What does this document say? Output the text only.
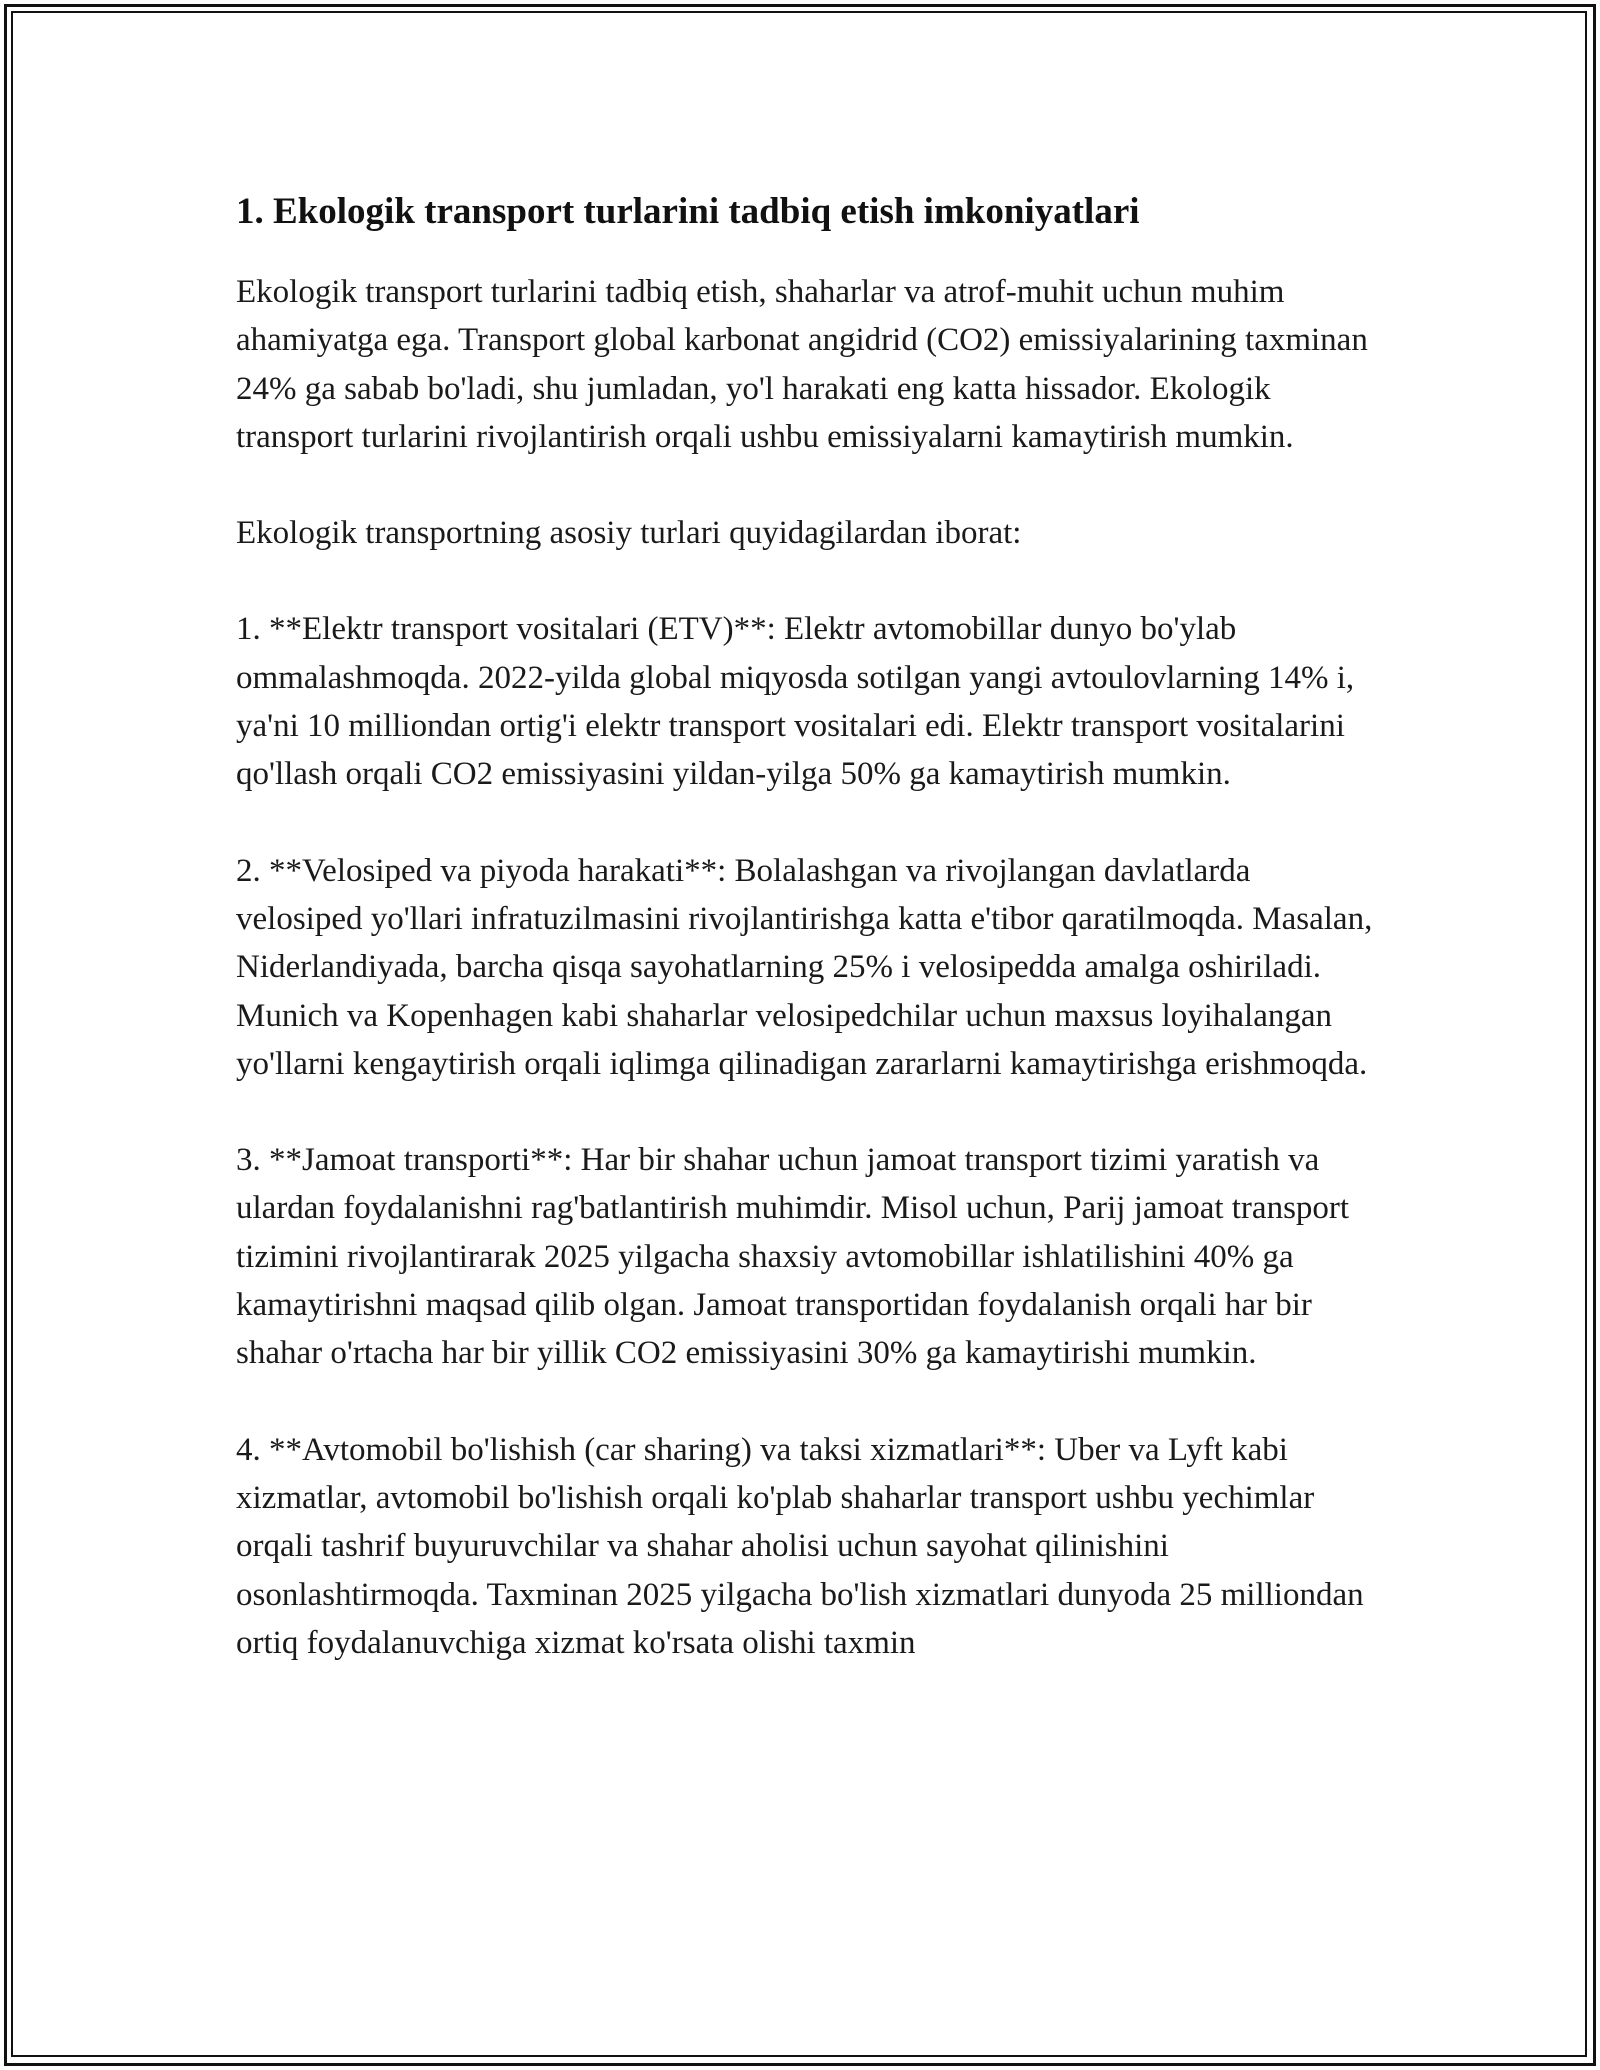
1. Ekologik transport turlarini tadbiq etish imkoniyatlari

Ekologik transport turlarini tadbiq etish, shaharlar va atrof-muhit uchun muhim ahamiyatga ega. Transport global karbonat angidrid (CO2) emissiyalarining taxminan 24% ga sabab bo'ladi, shu jumladan, yo'l harakati eng katta hissador. Ekologik transport turlarini rivojlantirish orqali ushbu emissiyalarni kamaytirish mumkin.

Ekologik transportning asosiy turlari quyidagilardan iborat:

1. **Elektr transport vositalari (ETV)**: Elektr avtomobillar dunyo bo'ylab ommalashmoqda. 2022-yilda global miqyosda sotilgan yangi avtoulovlarning 14% i, ya'ni 10 milliondan ortig'i elektr transport vositalari edi. Elektr transport vositalarini qo'llash orqali CO2 emissiyasini yildan-yilga 50% ga kamaytirish mumkin.

2. **Velosiped va piyoda harakati**: Bolalashgan va rivojlangan davlatlarda velosiped yo'llari infratuzilmasini rivojlantirishga katta e'tibor qaratilmoqda. Masalan, Niderlandiyada, barcha qisqa sayohatlarning 25% i velosipedda amalga oshiriladi. Munich va Kopenhagen kabi shaharlar velosipedchilar uchun maxsus loyihalangan yo'llarni kengaytirish orqali iqlimga qilinadigan zararlarni kamaytirishga erishmoqda.

3. **Jamoat transporti**: Har bir shahar uchun jamoat transport tizimi yaratish va ulardan foydalanishni rag'batlantirish muhimdir. Misol uchun, Parij jamoat transport tizimini rivojlantirarak 2025 yilgacha shaxsiy avtomobillar ishlatilishini 40% ga kamaytirishni maqsad qilib olgan. Jamoat transportidan foydalanish orqali har bir shahar o'rtacha har bir yillik CO2 emissiyasini 30% ga kamaytirishi mumkin.

4. **Avtomobil bo'lishish (car sharing) va taksi xizmatlari**: Uber va Lyft kabi xizmatlar, avtomobil bo'lishish orqali ko'plab shaharlar transport ushbu yechimlar orqali tashrif buyuruvchilar va shahar aholisi uchun sayohat qilinishini osonlashtirmoqda. Taxminan 2025 yilgacha bo'lish xizmatlari dunyoda 25 milliondan ortiq foydalanuvchiga xizmat ko'rsata olishi taxmin
